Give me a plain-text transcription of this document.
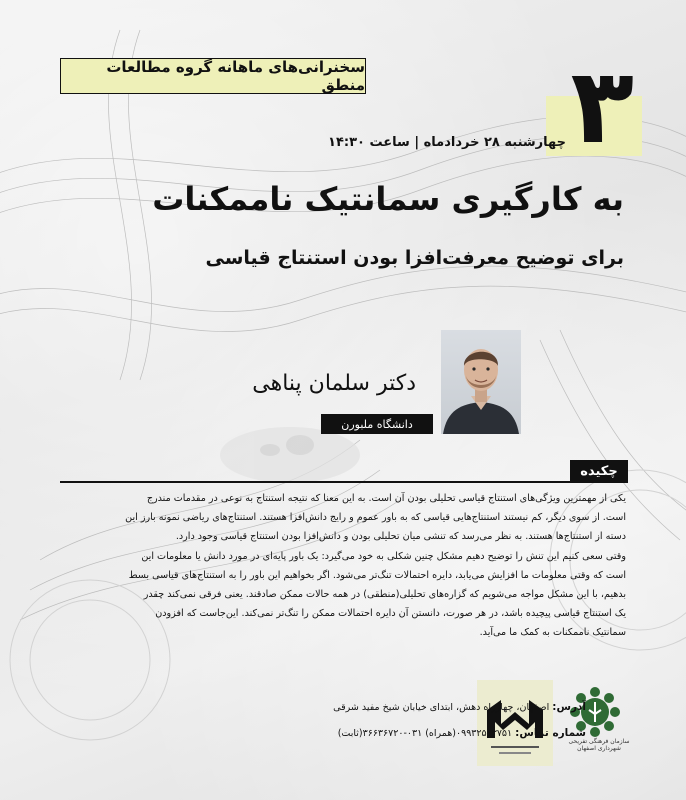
سخنرانی‌های ماهانه گروه مطالعات منطق ۳
چهارشنبه ۲۸ خرداد‌ماه | ساعت ۱۴:۳۰
به کارگیری سمانتیک ناممکنات
برای توضیح معرفت‌افزا بودن استنتاج قیاسی
دکتر سلمان پناهی
دانشگاه ملبورن
چکیده
یکی از مهمترین ویژگی‌های استنتاج قیاسی تحلیلی بودن آن است. به این معنا که نتیجه استنتاج به نوعی در مقدمات مندرج
است. از سوی دیگر، کم نیستند استنتاج‌هایی قیاسی که به باور عموم و رایج دانش‌افزا هستند. استنتاج‌های ریاضی نمونه بارز این
دسته از استنتاج‌ها هستند. به نظر می‌رسد که تنشی میان تحلیلی بودن و دانش‌افزا بودن استنتاج قیاسی وجود دارد.
وقتی سعی کنیم این تنش را توضیح دهیم مشکل چنین شکلی به خود می‌گیرد: یک باور پایه‌ای در مورد دانش یا معلومات این
است که وقتی معلومات ما افزایش می‌یابد، دایره احتمالات تنگ‌تر می‌شود. اگر بخواهیم این باور را به استنتاج‌های قیاسی بسط
بدهیم، با این مشکل مواجه می‌شویم که گزاره‌های تحلیلی(منطقی) در همه حالات ممکن صادقند. یعنی فرقی نمی‌کند چقدر
یک استنتاج قیاسی پیچیده باشد، در هر صورت، دانستن آن دایره احتمالات ممکن را تنگ‌تر نمی‌کند. این‌جاست که افزودن
سمانتیک ناممکنات به کمک ما می‌آید.
سازمان فرهنگی تفریحی شهرداری اصفهان
آدرس: اصفهان، چهارراه دهش، ابتدای خیابان شیخ مفید شرقی
شماره تماس: ۰۹۹۳۲۵۱۳۷۵۱(همراه) ۰۳۱-۳۶۶۳۶۷۲۰(ثابت)
